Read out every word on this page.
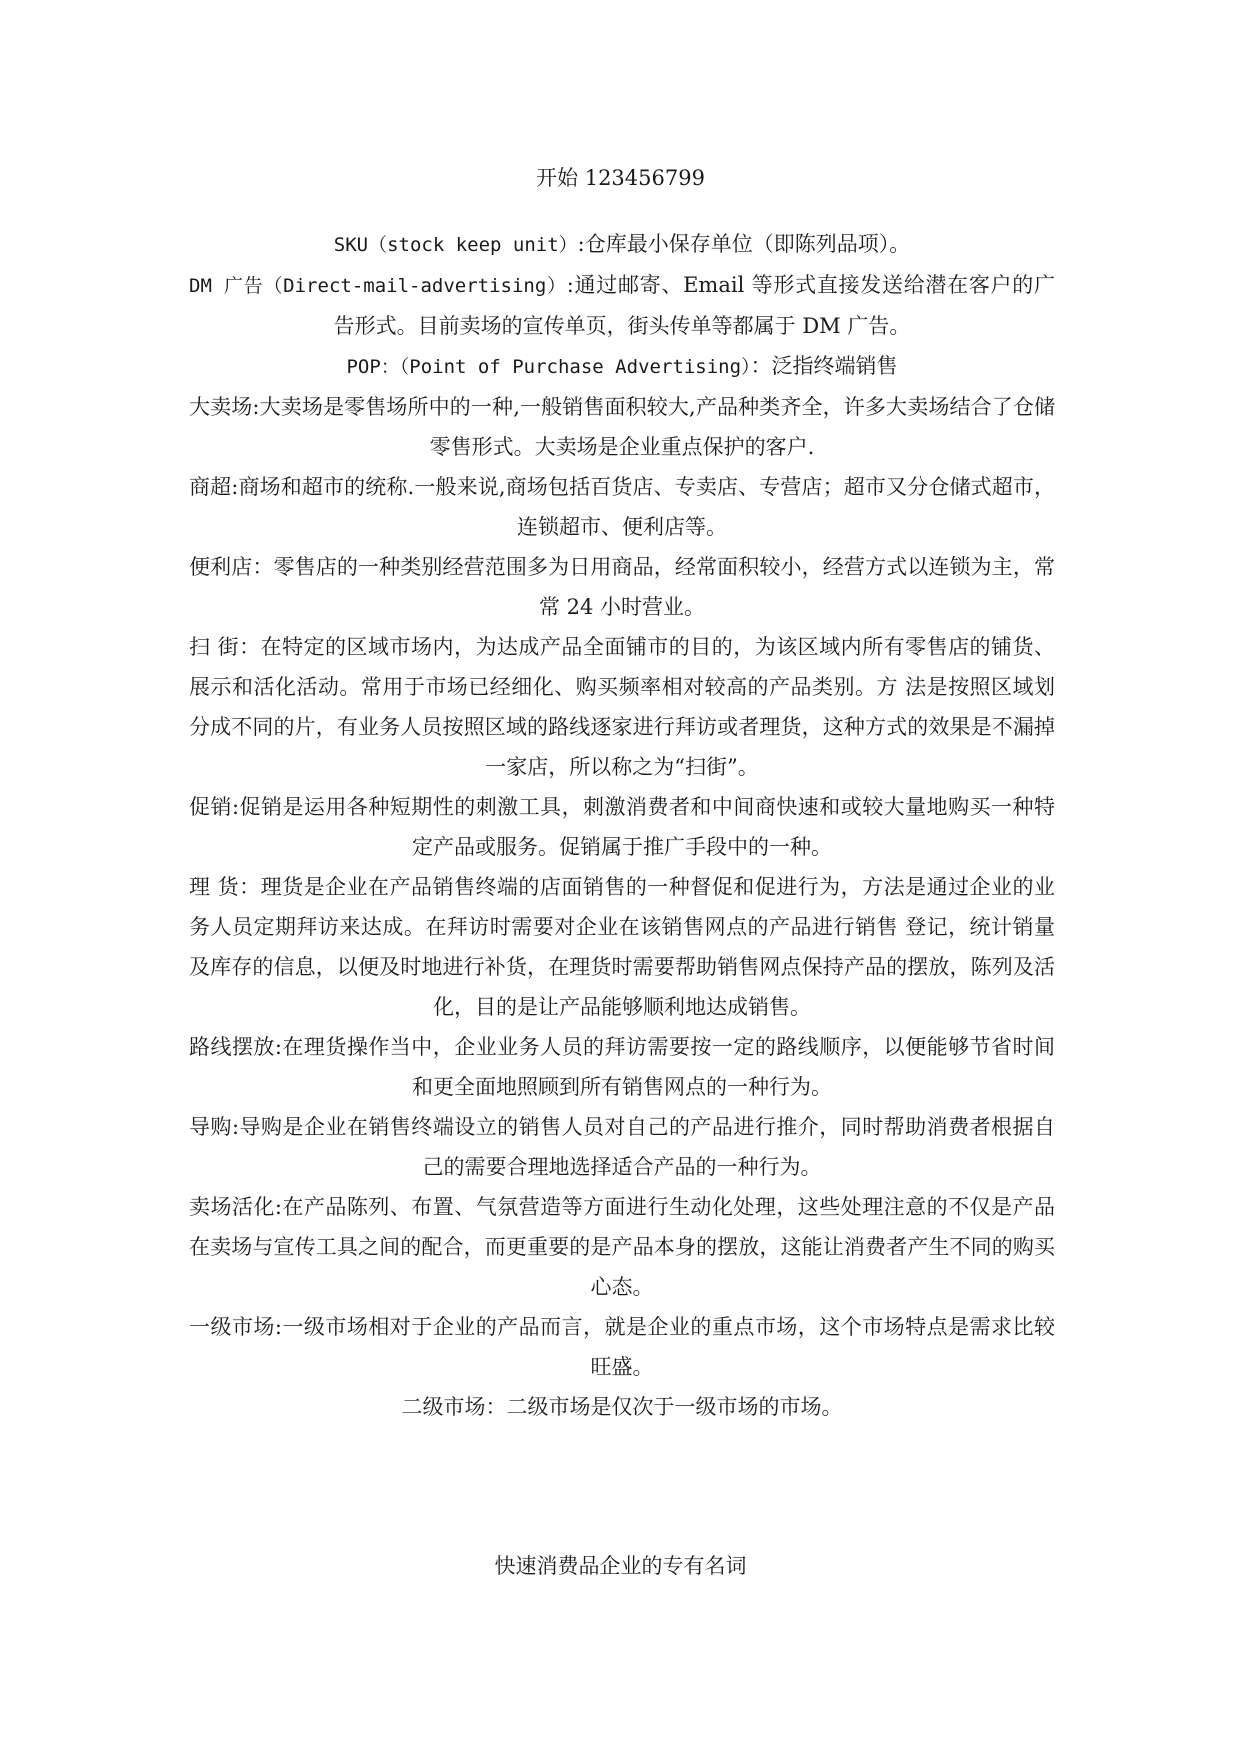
开始 123456799

SKU（stock keep unit）:仓库最小保存单位（即陈列品项）。

DM 广告（Direct-mail-advertising）:通过邮寄、Email 等形式直接发送给潜在客户的广告形式。目前卖场的宣传单页，街头传单等都属于 DM 广告。

POP：（Point of Purchase Advertising）：泛指终端销售

大卖场:大卖场是零售场所中的一种,一般销售面积较大,产品种类齐全，许多大卖场结合了仓储零售形式。大卖场是企业重点保护的客户.

商超:商场和超市的统称.一般来说,商场包括百货店、专卖店、专营店；超市又分仓储式超市，连锁超市、便利店等。

便利店：零售店的一种类别经营范围多为日用商品，经常面积较小，经营方式以连锁为主，常常 24 小时营业。

扫 街：在特定的区域市场内，为达成产品全面铺市的目的，为该区域内所有零售店的铺货、展示和活化活动。常用于市场已经细化、购买频率相对较高的产品类别。方 法是按照区域划分成不同的片，有业务人员按照区域的路线逐家进行拜访或者理货，这种方式的效果是不漏掉一家店，所以称之为“扫街”。

促销:促销是运用各种短期性的刺激工具，刺激消费者和中间商快速和或较大量地购买一种特定产品或服务。促销属于推广手段中的一种。

理 货：理货是企业在产品销售终端的店面销售的一种督促和促进行为，方法是通过企业的业务人员定期拜访来达成。在拜访时需要对企业在该销售网点的产品进行销售 登记，统计销量及库存的信息，以便及时地进行补货，在理货时需要帮助销售网点保持产品的摆放，陈列及活化，目的是让产品能够顺利地达成销售。

路线摆放:在理货操作当中，企业业务人员的拜访需要按一定的路线顺序，以便能够节省时间和更全面地照顾到所有销售网点的一种行为。

导购:导购是企业在销售终端设立的销售人员对自己的产品进行推介，同时帮助消费者根据自己的需要合理地选择适合产品的一种行为。

卖场活化:在产品陈列、布置、气氛营造等方面进行生动化处理，这些处理注意的不仅是产品在卖场与宣传工具之间的配合，而更重要的是产品本身的摆放，这能让消费者产生不同的购买心态。

一级市场:一级市场相对于企业的产品而言，就是企业的重点市场，这个市场特点是需求比较旺盛。

二级市场：二级市场是仅次于一级市场的市场。

快速消费品企业的专有名词
